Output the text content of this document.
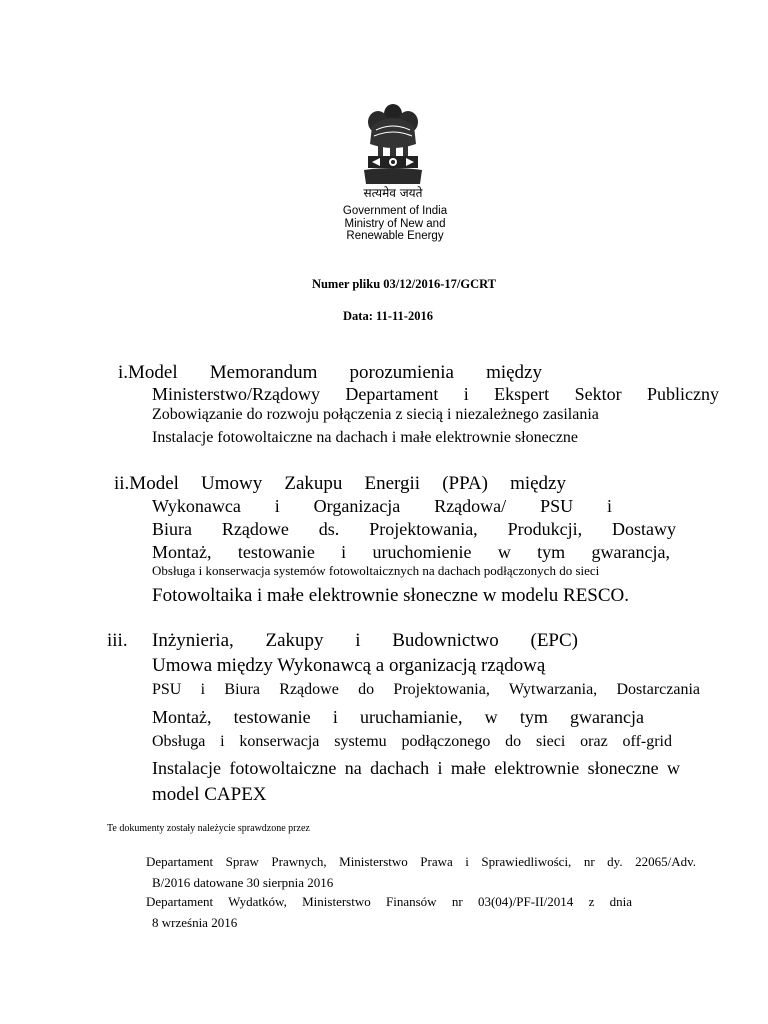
सत्यमेव जयते
Government of India
Ministry of New and
Renewable Energy
Numer pliku 03/12/2016-17/GCRT
Data: 11-11-2016
i.Model Memorandum porozumienia między
Ministerstwo/Rządowy Departament i Ekspert Sektor Publiczny
Zobowiązanie do rozwoju połączenia z siecią i niezależnego zasilania
Instalacje fotowoltaiczne na dachach i małe elektrownie słoneczne
ii.Model Umowy Zakupu Energii (PPA) między
Wykonawca i Organizacja Rządowa/ PSU i
Biura Rządowe ds. Projektowania, Produkcji, Dostawy
Montaż, testowanie i uruchomienie w tym gwarancja,
Obsługa i konserwacja systemów fotowoltaicznych na dachach podłączonych do sieci
Fotowoltaika i małe elektrownie słoneczne w modelu RESCO.
iii. Inżynieria, Zakupy i Budownictwo (EPC)
Umowa między Wykonawcą a organizacją rządową
PSU i Biura Rządowe do Projektowania, Wytwarzania, Dostarczania
Montaż, testowanie i uruchamianie, w tym gwarancja
Obsługa i konserwacja systemu podłączonego do sieci oraz off-grid
Instalacje fotowoltaiczne na dachach i małe elektrownie słoneczne w
model CAPEX
Te dokumenty zostały należycie sprawdzone przez
Departament Spraw Prawnych, Ministerstwo Prawa i Sprawiedliwości, nr dy. 22065/Adv.
B/2016 datowane 30 sierpnia 2016
Departament Wydatków, Ministerstwo Finansów nr 03(04)/PF-II/2014 z dnia
8 września 2016
